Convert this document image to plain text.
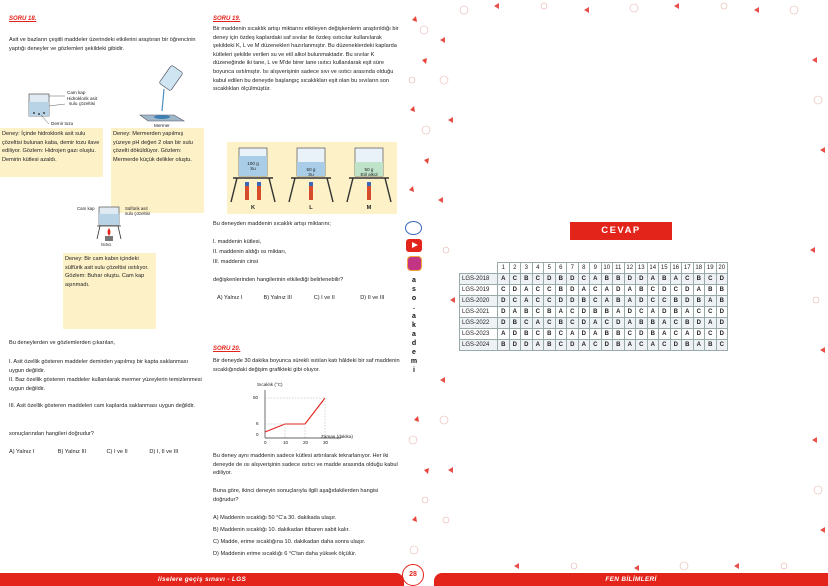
SORU 18.
Asit ve bazların çeşitli maddeler üzerindeki etkilerini araştıran bir öğrencinin yaptığı deneyler ve gözlemleri şekildeki gibidir.
Cam kap
Hidroklorik asit
sulu çözeltisi
Demir tozu	Mermer
Deney: İçinde hidroklorik asit sulu çözeltisi bulunan kaba, demir tozu ilave ediliyor. Gözlem: Hidrojen gazı oluştu. Demirin kütlesi azaldı.
Deney: Mermerden yapılmış yüzeye pH değeri 2 olan bir sulu çözelti döküldüyor. Gözlem: Mermerde küçük delikler oluştu.
Cam kap	Sülfürik asit sulu çözeltisi
Isıtıcı
Deney: Bir cam kabın içindeki sülfürik asit sulu çözeltisi ısıtılıyor. Gözlem: Buhar oluştu. Cam kap aşınmadı.
Bu deneylerden ve gözlemlerden çıkarılan,
I. Asit özellik gösteren maddeler demirden yapılmış bir kapta saklanması uygun değildir.
II. Baz özellik gösteren maddeler kullanılarak mermer yüzeylerin temizlenmesi uygun değildir.
III. Asit özellik gösteren maddeleri cam kaplarda saklanması uygun değildir.
sonuçlarından hangileri doğrudur?
A) Yalnız I	B) Yalnız III	C) I ve II	D) I, II ve III
SORU 19.
Bir maddenin sıcaklık artışı miktarını etkileyen değişkenlerin araştırıldığı bir deney için özdeş kaplardaki saf sıvılar ile özdeş ısıtıcılar kullanılarak şekildeki K, L ve M düzenekleri hazırlanmıştır. Bu düzeneklerdeki kaplarda kütleleri şekilde verilen su ve etil alkol bulunmaktadır. Bu sıvılar K düzeneğinde iki tane, L ve M'de birer tane ısıtıcı kullanılarak eşit süre boyunca ısıtılmıştır. Isı alışverişinin sadece sıvı ve ısıtıcı arasında olduğu kabul edilen bu deneyde başlangıç sıcaklıkları eşit olan bu sıvıların son sıcaklıkları ölçülmüştür.
100 g
Su	50 g
Su
50 g
Etil alkol
K	L	M
Bu deneyden maddenin sıcaklık artışı miktarını;
I. maddenin kütlesi,
II. maddenin aldığı ısı miktarı,
III. maddenin cinsi
değişkenlerinden hangilerinin etkilediği belirlenebilir?
A) Yalnız I	B) Yalnız III	C) I ve II	D) II ve III
SORU 20.
Bir deneyde 30 dakika boyunca sürekli ısıtılan katı hâldeki bir saf maddenin sıcaklığındaki değişim grafikteki gibi oluyor.
Sıcaklık (°C)
Zaman (dakika)
50
6
0
0	10	20	30
Bu deney aynı maddenin sadece kütlesi artırılarak tekrarlanıyor. Her iki deneyde de ısı alışverişinin sadece ısıtıcı ve madde arasında olduğu kabul ediliyor.
Buna göre, ikinci deneyin sonuçlarıyla ilgili aşağıdakilerden hangisi doğrudur?
A) Maddenin sıcaklığı 50 °C'a 30. dakikada ulaşır.
B) Maddenin sıcaklığı 10. dakikadan itibaren sabit kalır.
C) Madde, erime sıcaklığına 10. dakikadan daha sonra ulaşır.
D) Maddenin erime sıcaklığı 6 °C'tan daha yüksek ölçülür.
a
s
o
.
a
k
a
d
e
m
i
28
CEVAP ANAHTARI
	1	2	3	4	5	6	7	8	9	10	11	12	13	14	15	16	17	18	19	20
LGS-2018	A	C	B	C	D	B	D	C	A	B	B	D	D	A	B	A	C	B	C	D
LGS-2019	C	D	A	C	C	B	D	A	C	A	D	A	B	C	D	C	D	A	B	B
LGS-2020	D	C	A	C	C	D	D	B	C	A	B	A	D	C	C	B	D	B	A	B
LGS-2021	D	A	B	C	B	A	C	D	B	B	A	D	C	A	D	B	A	C	C	D
LGS-2022	D	B	C	A	C	B	C	D	A	C	D	A	B	B	A	C	B	D	A	D
LGS-2023	A	D	B	C	B	C	A	D	A	B	B	C	D	B	A	C	A	D	C	D
LGS-2024	B	D	D	A	B	C	D	A	C	D	B	A	C	A	C	D	B	A	B	C
liselere geçiş sınavı - LGS	FEN BİLİMLERİ
